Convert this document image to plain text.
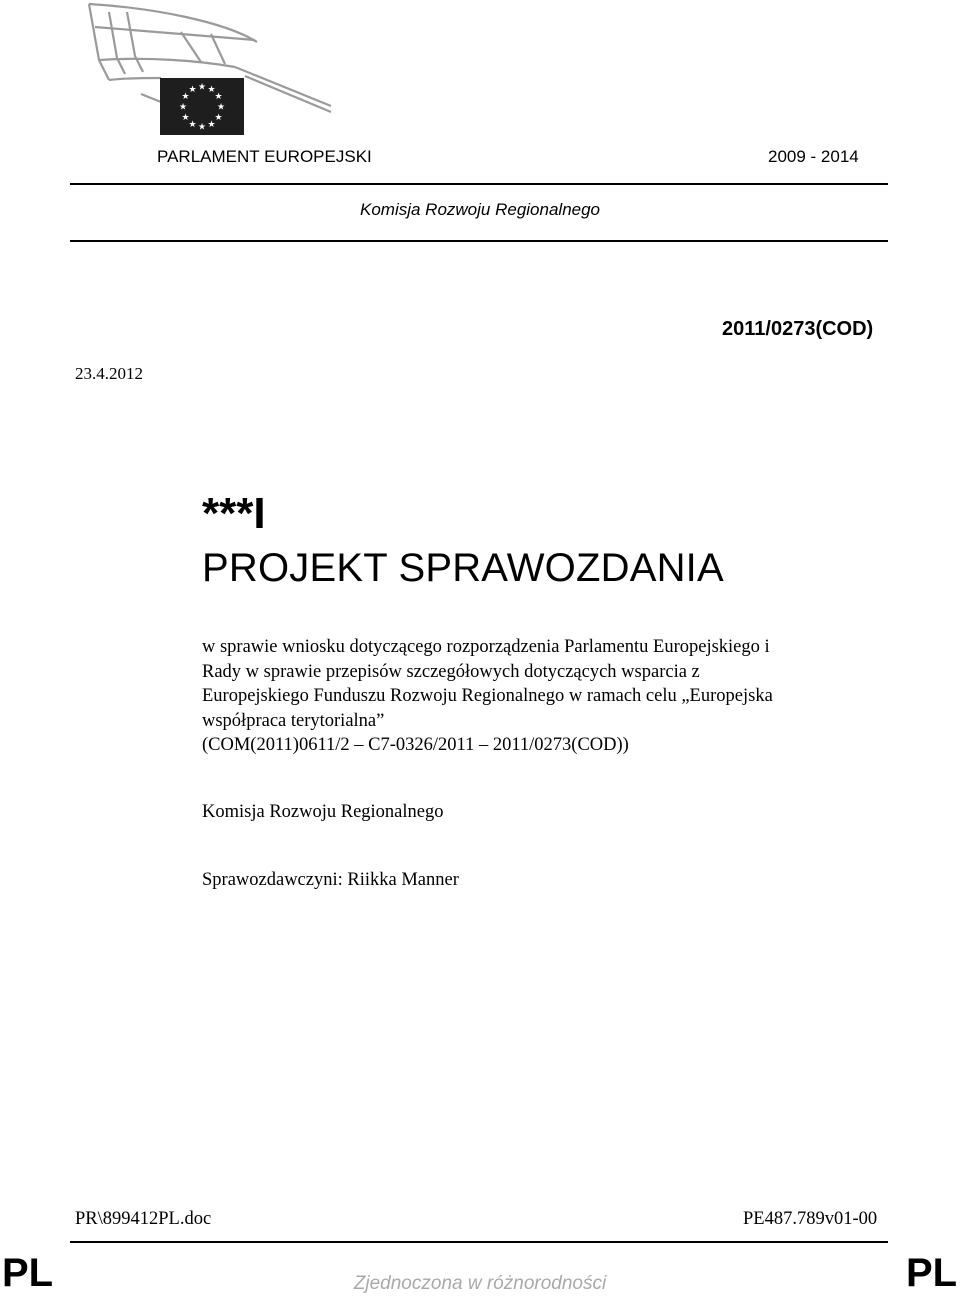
★ ★
★
★
★
★
★
★
★
★
★
★
PARLAMENT EUROPEJSKI	2009 - 2014
Komisja Rozwoju Regionalnego
2011/0273(COD)
23.4.2012
***I
PROJEKT SPRAWOZDANIA
w sprawie wniosku dotyczącego rozporządzenia Parlamentu Europejskiego i
Rady w sprawie przepisów szczegółowych dotyczących wsparcia z
Europejskiego Funduszu Rozwoju Regionalnego w ramach celu „Europejska
współpraca terytorialna”
(COM(2011)0611/2 – C7-0326/2011 – 2011/0273(COD))
Komisja Rozwoju Regionalnego
Sprawozdawczyni: Riikka Manner
PR\899412PL.doc	PE487.789v01-00
PL	Zjednoczona w różnorodności	PL
